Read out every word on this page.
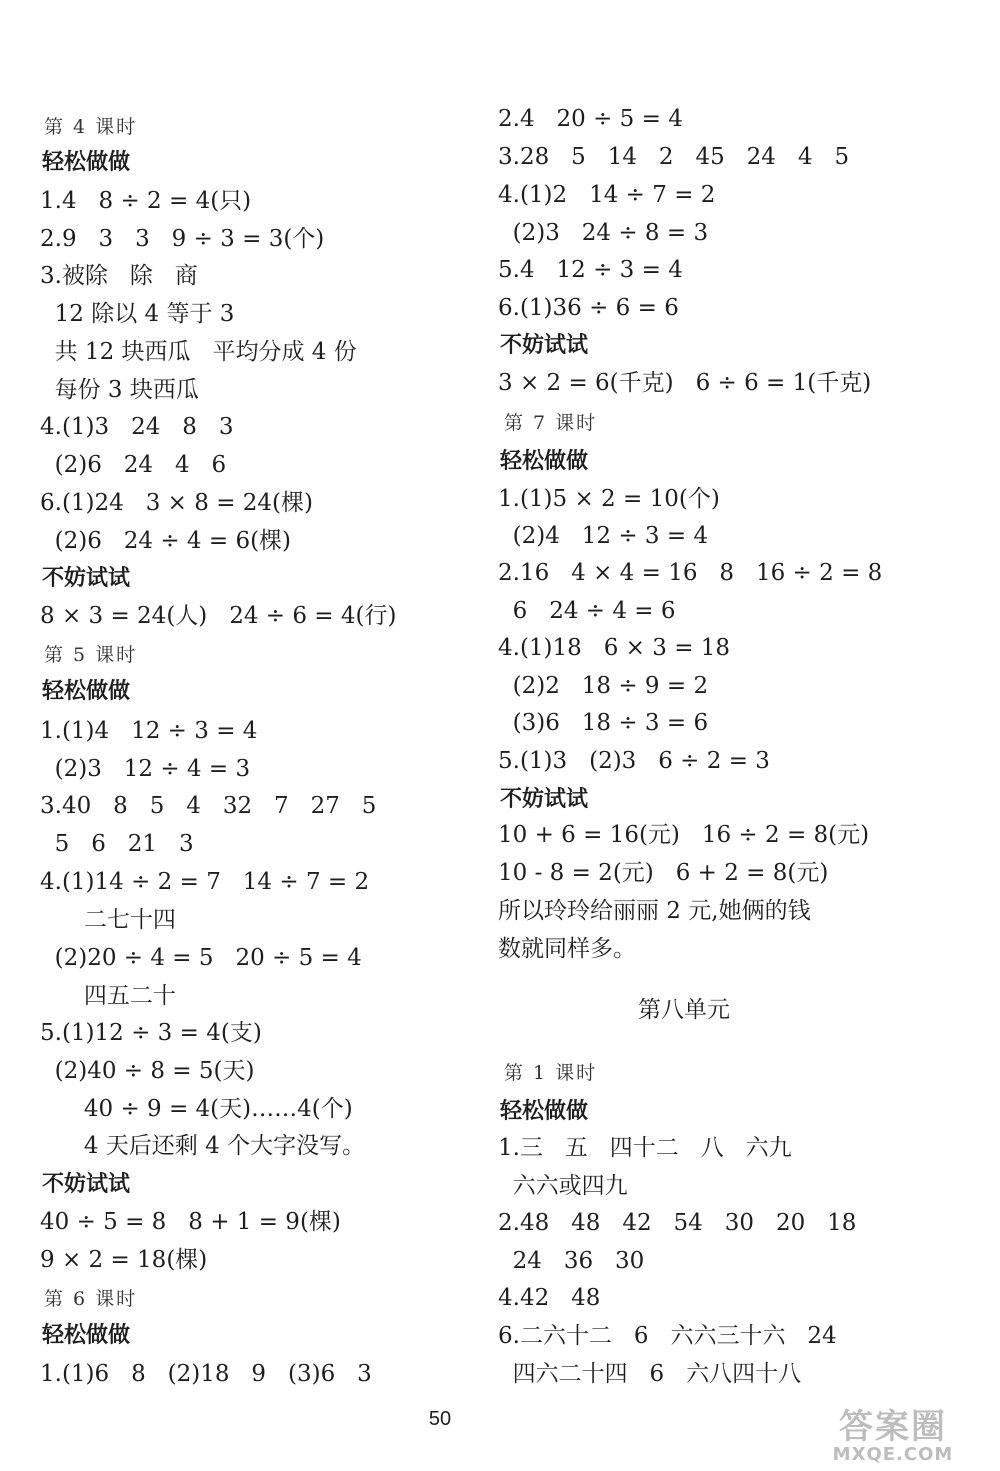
第 4 课时
轻松做做
1.4   8 ÷ 2 = 4(只)
2.9   3   3   9 ÷ 3 = 3(个)
3.被除   除   商
12 除以 4 等于 3
共 12 块西瓜   平均分成 4 份
每份 3 块西瓜
4.(1)3   24   8   3
(2)6   24   4   6
6.(1)24   3 × 8 = 24(棵)
(2)6   24 ÷ 4 = 6(棵)
不妨试试
8 × 3 = 24(人)   24 ÷ 6 = 4(行)
第 5 课时
轻松做做
1.(1)4   12 ÷ 3 = 4
(2)3   12 ÷ 4 = 3
3.40   8   5   4   32   7   27   5
5   6   21   3
4.(1)14 ÷ 2 = 7   14 ÷ 7 = 2
二七十四
(2)20 ÷ 4 = 5   20 ÷ 5 = 4
四五二十
5.(1)12 ÷ 3 = 4(支)
(2)40 ÷ 8 = 5(天)
40 ÷ 9 = 4(天)……4(个)
4 天后还剩 4 个大字没写。
不妨试试
40 ÷ 5 = 8   8 + 1 = 9(棵)
9 × 2 = 18(棵)
第 6 课时
轻松做做
1.(1)6   8   (2)18   9   (3)6   3
2.4   20 ÷ 5 = 4
3.28   5   14   2   45   24   4   5
4.(1)2   14 ÷ 7 = 2
(2)3   24 ÷ 8 = 3
5.4   12 ÷ 3 = 4
6.(1)36 ÷ 6 = 6
不妨试试
3 × 2 = 6(千克)   6 ÷ 6 = 1(千克)
第 7 课时
轻松做做
1.(1)5 × 2 = 10(个)
(2)4   12 ÷ 3 = 4
2.16   4 × 4 = 16   8   16 ÷ 2 = 8
6   24 ÷ 4 = 6
4.(1)18   6 × 3 = 18
(2)2   18 ÷ 9 = 2
(3)6   18 ÷ 3 = 6
5.(1)3   (2)3   6 ÷ 2 = 3
不妨试试
10 + 6 = 16(元)   16 ÷ 2 = 8(元)
10 - 8 = 2(元)   6 + 2 = 8(元)
所以玲玲给丽丽 2 元,她俩的钱
数就同样多。
第八单元
第 1 课时
轻松做做
1.三   五   四十二   八   六九
六六或四九
2.48   48   42   54   30   20   18
24   36   30
4.42   48
6.二六十二   6   六六三十六   24
四六二十四   6   六八四十八
50	答案圈
MXQE.COM
